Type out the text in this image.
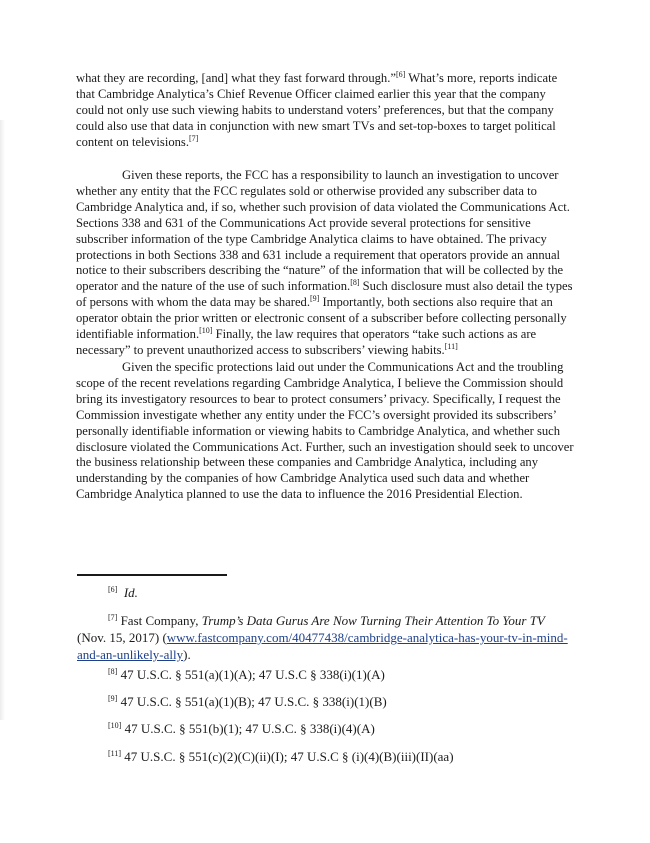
what they are recording, [and] what they fast forward through.”[6] What’s more, reports indicate that Cambridge Analytica’s Chief Revenue Officer claimed earlier this year that the company could not only use such viewing habits to understand voters’ preferences, but that the company could also use that data in conjunction with new smart TVs and set-top-boxes to target political content on televisions.[7]

Given these reports, the FCC has a responsibility to launch an investigation to uncover whether any entity that the FCC regulates sold or otherwise provided any subscriber data to Cambridge Analytica and, if so, whether such provision of data violated the Communications Act. Sections 338 and 631 of the Communications Act provide several protections for sensitive subscriber information of the type Cambridge Analytica claims to have obtained. The privacy protections in both Sections 338 and 631 include a requirement that operators provide an annual notice to their subscribers describing the “nature” of the information that will be collected by the operator and the nature of the use of such information.[8] Such disclosure must also detail the types of persons with whom the data may be shared.[9] Importantly, both sections also require that an operator obtain the prior written or electronic consent of a subscriber before collecting personally identifiable information.[10] Finally, the law requires that operators “take such actions as are necessary” to prevent unauthorized access to subscribers’ viewing habits.[11]

Given the specific protections laid out under the Communications Act and the troubling scope of the recent revelations regarding Cambridge Analytica, I believe the Commission should bring its investigatory resources to bear to protect consumers’ privacy. Specifically, I request the Commission investigate whether any entity under the FCC’s oversight provided its subscribers’ personally identifiable information or viewing habits to Cambridge Analytica, and whether such disclosure violated the Communications Act. Further, such an investigation should seek to uncover the business relationship between these companies and Cambridge Analytica, including any understanding by the companies of how Cambridge Analytica used such data and whether Cambridge Analytica planned to use the data to influence the 2016 Presidential Election.

[6] Id.

[7] Fast Company, Trump’s Data Gurus Are Now Turning Their Attention To Your TV (Nov. 15, 2017) (www.fastcompany.com/40477438/cambridge-analytica-has-your-tv-in-mind-and-an-unlikely-ally).

[8] 47 U.S.C. § 551(a)(1)(A); 47 U.S.C § 338(i)(1)(A)

[9] 47 U.S.C. § 551(a)(1)(B); 47 U.S.C. § 338(i)(1)(B)

[10] 47 U.S.C. § 551(b)(1); 47 U.S.C. § 338(i)(4)(A)

[11] 47 U.S.C. § 551(c)(2)(C)(ii)(I); 47 U.S.C § (i)(4)(B)(iii)(II)(aa)
